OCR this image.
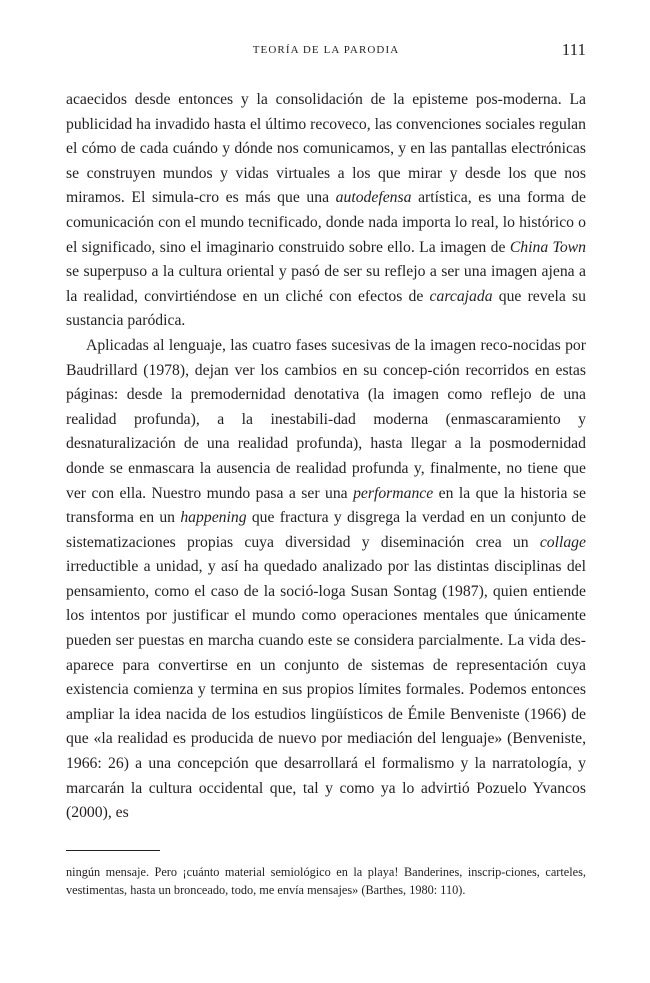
TEORÍA DE LA PARODIA	111

acaecidos desde entonces y la consolidación de la episteme pos-moderna. La publicidad ha invadido hasta el último recoveco, las convenciones sociales regulan el cómo de cada cuándo y dónde nos comunicamos, y en las pantallas electrónicas se construyen mundos y vidas virtuales a los que mirar y desde los que nos miramos. El simula-cro es más que una autodefensa artística, es una forma de comunicación con el mundo tecnificado, donde nada importa lo real, lo histórico o el significado, sino el imaginario construido sobre ello. La imagen de China Town se superpuso a la cultura oriental y pasó de ser su reflejo a ser una imagen ajena a la realidad, convirtiéndose en un cliché con efectos de carcajada que revela su sustancia paródica.

Aplicadas al lenguaje, las cuatro fases sucesivas de la imagen reco-nocidas por Baudrillard (1978), dejan ver los cambios en su concep-ción recorridos en estas páginas: desde la premodernidad denotativa (la imagen como reflejo de una realidad profunda), a la inestabili-dad moderna (enmascaramiento y desnaturalización de una realidad profunda), hasta llegar a la posmodernidad donde se enmascara la ausencia de realidad profunda y, finalmente, no tiene que ver con ella. Nuestro mundo pasa a ser una performance en la que la historia se transforma en un happening que fractura y disgrega la verdad en un conjunto de sistematizaciones propias cuya diversidad y diseminación crea un collage irreductible a unidad, y así ha quedado analizado por las distintas disciplinas del pensamiento, como el caso de la soció-loga Susan Sontag (1987), quien entiende los intentos por justificar el mundo como operaciones mentales que únicamente pueden ser puestas en marcha cuando este se considera parcialmente. La vida des-aparece para convertirse en un conjunto de sistemas de representación cuya existencia comienza y termina en sus propios límites formales. Podemos entonces ampliar la idea nacida de los estudios lingüísticos de Émile Benveniste (1966) de que «la realidad es producida de nuevo por mediación del lenguaje» (Benveniste, 1966: 26) a una concepción que desarrollará el formalismo y la narratología, y marcarán la cultura occidental que, tal y como ya lo advirtió Pozuelo Yvancos (2000), es

ningún mensaje. Pero ¡cuánto material semiológico en la playa! Banderines, inscrip-ciones, carteles, vestimentas, hasta un bronceado, todo, me envía mensajes» (Barthes, 1980: 110).
